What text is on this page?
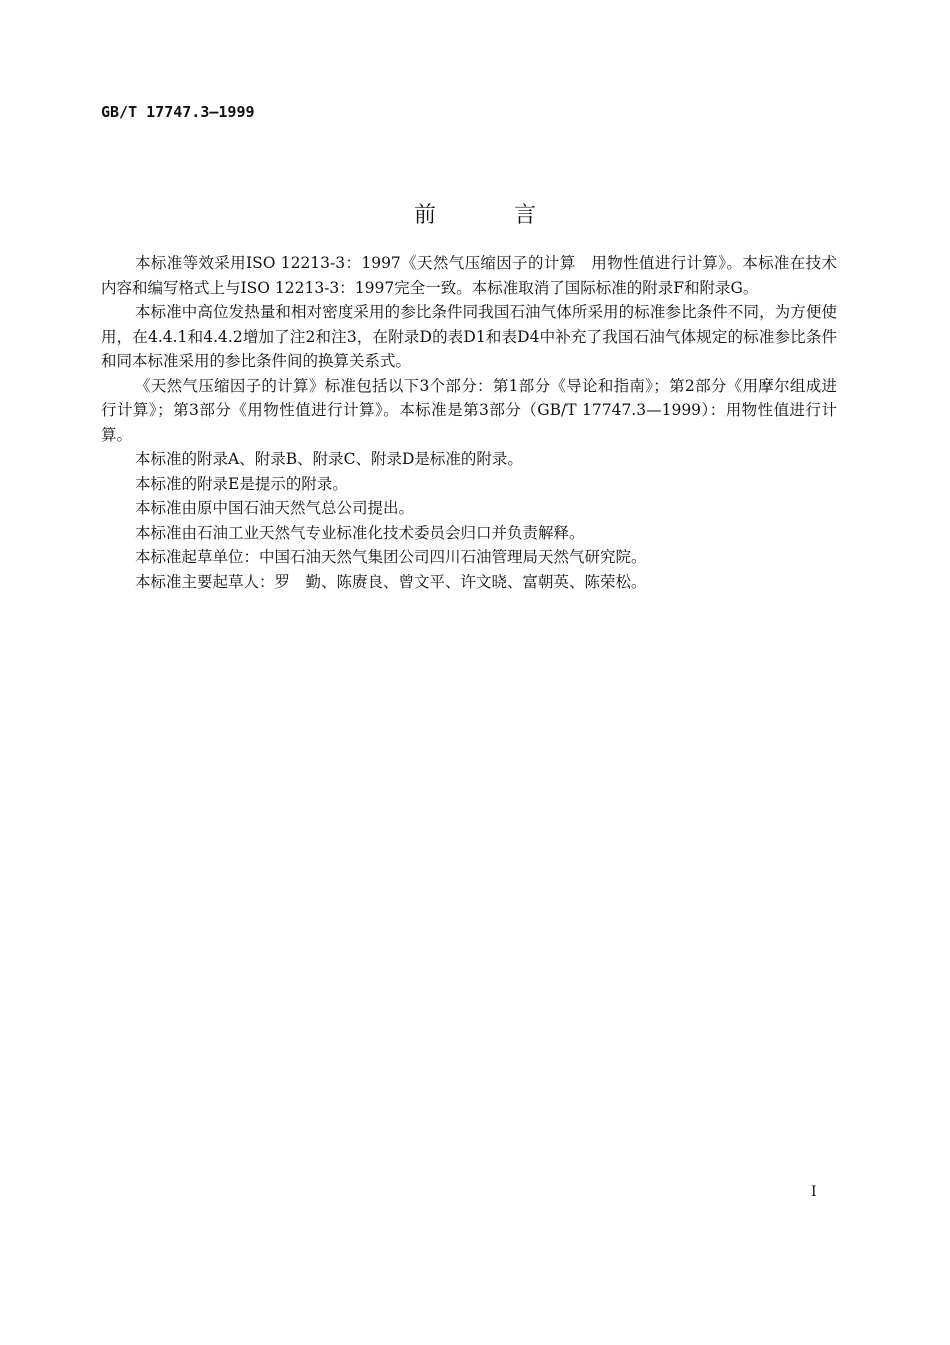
GB/T 17747.3—1999
前言

本标准等效采用ISO 12213-3：1997《天然气压缩因子的计算　用物性值进行计算》。本标准在技术内容和编写格式上与ISO 12213-3：1997完全一致。本标准取消了国际标准的附录F和附录G。

本标准中高位发热量和相对密度采用的参比条件同我国石油气体所采用的标准参比条件不同，为方便使用，在4.4.1和4.4.2增加了注2和注3，在附录D的表D1和表D4中补充了我国石油气体规定的标准参比条件和同本标准采用的参比条件间的换算关系式。

《天然气压缩因子的计算》标准包括以下3个部分：第1部分《导论和指南》；第2部分《用摩尔组成进行计算》；第3部分《用物性值进行计算》。本标准是第3部分（GB/T 17747.3—1999）：用物性值进行计算。

本标准的附录A、附录B、附录C、附录D是标准的附录。

本标准的附录E是提示的附录。

本标准由原中国石油天然气总公司提出。

本标准由石油工业天然气专业标准化技术委员会归口并负责解释。

本标准起草单位：中国石油天然气集团公司四川石油管理局天然气研究院。

本标准主要起草人：罗　勤、陈赓良、曾文平、许文晓、富朝英、陈荣松。

I
